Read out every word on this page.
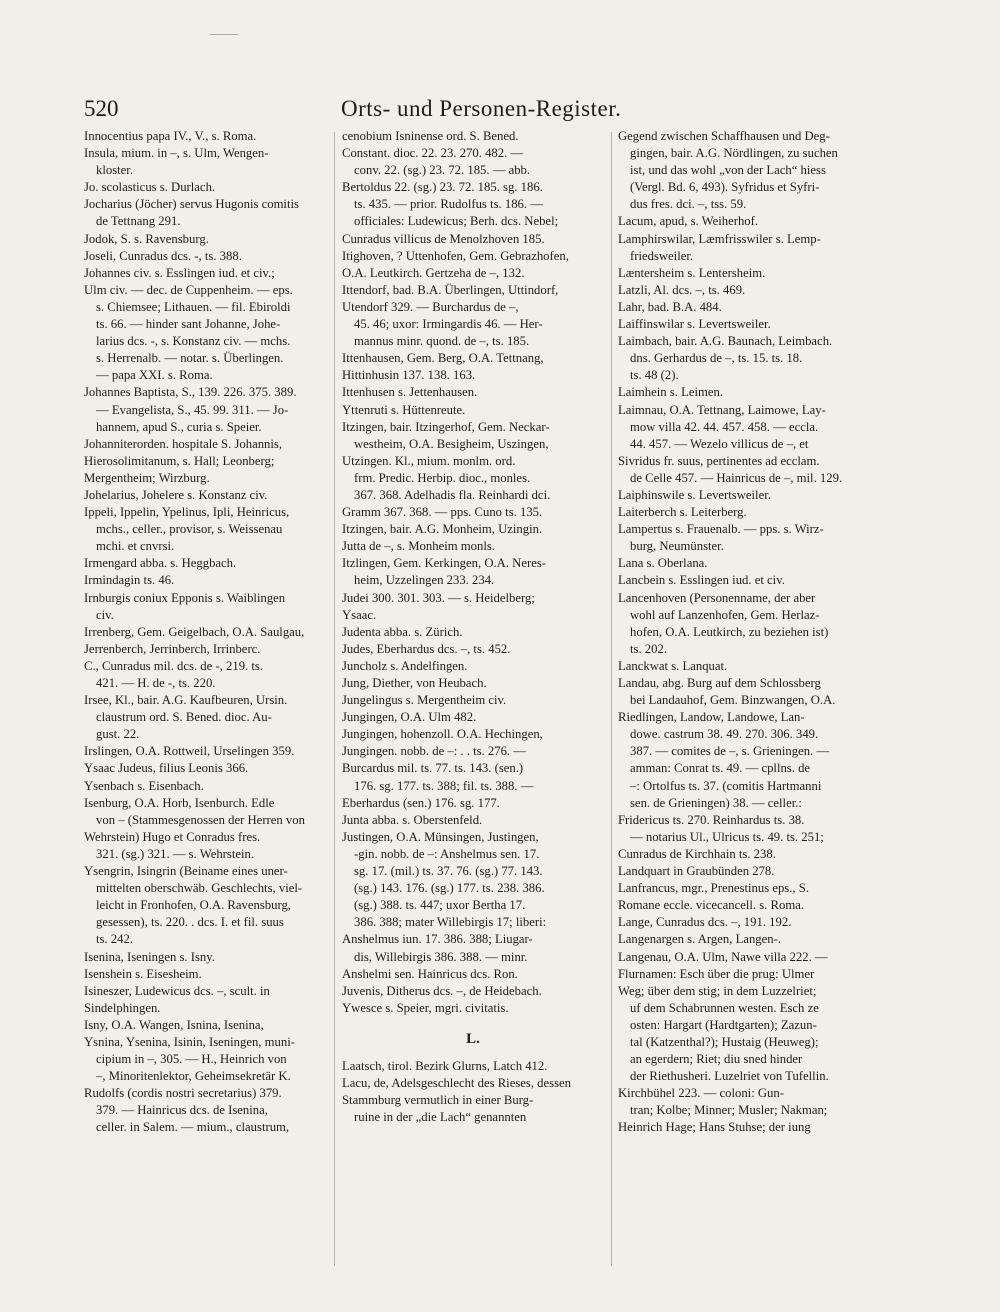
520	Orts- und Personen-Register.
Innocentius papa IV., V., s. Roma.
Insula, mium. in –, s. Ulm, Wengen-
kloster.
Jo. scolasticus s. Durlach.
Jocharius (Jöcher) servus Hugonis comitis
de Tettnang 291.
Jodok, S. s. Ravensburg.
Joseli, Cunradus dcs. -, ts. 388.
Johannes civ. s. Esslingen iud. et civ.;
Ulm civ. — dec. de Cuppenheim. — eps.
s. Chiemsee; Lithauen. — fil. Ebiroldi
ts. 66. — hinder sant Johanne, Johe-
larius dcs. -, s. Konstanz civ. — mchs.
s. Herrenalb. — notar. s. Überlingen.
— papa XXI. s. Roma.
Johannes Baptista, S., 139. 226. 375. 389.
— Evangelista, S., 45. 99. 311. — Jo-
hannem, apud S., curia s. Speier.
Johanniterorden. hospitale S. Johannis,
Hierosolimitanum, s. Hall; Leonberg;
Mergentheim; Wirzburg.
Johelarius, Johelere s. Konstanz civ.
Ippeli, Ippelin, Ypelinus, Ipli, Heinricus,
mchs., celler., provisor, s. Weissenau
mchi. et cnvrsi.
Irmengard abba. s. Heggbach.
Irmindagin ts. 46.
Irnburgis coniux Epponis s. Waiblingen
civ.
Irrenberg, Gem. Geigelbach, O.A. Saulgau,
Jerrenberch, Jerrinberch, Irrinberc.
C., Cunradus mil. dcs. de -, 219. ts.
421. — H. de -, ts. 220.
Irsee, Kl., bair. A.G. Kaufbeuren, Ursin.
claustrum ord. S. Bened. dioc. Au-
gust. 22.
Irslingen, O.A. Rottweil, Urselingen 359.
Ysaac Judeus, filius Leonis 366.
Ysenbach s. Eisenbach.
Isenburg, O.A. Horb, Isenburch. Edle
von – (Stammesgenossen der Herren von
Wehrstein) Hugo et Conradus fres.
321. (sg.) 321. — s. Wehrstein.
Ysengrin, Isingrin (Beiname eines uner-
mittelten oberschwäb. Geschlechts, viel-
leicht in Fronhofen, O.A. Ravensburg,
gesessen), ts. 220. . dcs. I. et fil. suus
ts. 242.
Isenina, Iseningen s. Isny.
Isenshein s. Eisesheim.
Isineszer, Ludewicus dcs. –, scult. in
Sindelphingen.
Isny, O.A. Wangen, Isnina, Isenina,
Ysnina, Ysenina, Isinin, Iseningen, muni-
cipium in –, 305. — H., Heinrich von
–, Minoritenlektor, Geheimsekretär K.
Rudolfs (cordis nostri secretarius) 379.
379. — Hainricus dcs. de Isenina,
celler. in Salem. — mium., claustrum,
cenobium Isninense ord. S. Bened.
Constant. dioc. 22. 23. 270. 482. —
conv. 22. (sg.) 23. 72. 185. — abb.
Bertoldus 22. (sg.) 23. 72. 185. sg. 186.
ts. 435. — prior. Rudolfus ts. 186. —
officiales: Ludewicus; Berh. dcs. Nebel;
Cunradus villicus de Menolzhoven 185.
Itighoven, ? Uttenhofen, Gem. Gebrazhofen,
O.A. Leutkirch. Gertzeha de –, 132.
Ittendorf, bad. B.A. Überlingen, Uttindorf,
Utendorf 329. — Burchardus de –,
45. 46; uxor: Irmingardis 46. — Her-
mannus minr. quond. de –, ts. 185.
Ittenhausen, Gem. Berg, O.A. Tettnang,
Hittinhusin 137. 138. 163.
Ittenhusen s. Jettenhausen.
Yttenruti s. Hüttenreute.
Itzingen, bair. Itzingerhof, Gem. Neckar-
westheim, O.A. Besigheim, Uszingen,
Utzingen. Kl., mium. monlm. ord.
frm. Predic. Herbip. dioc., monles.
367. 368. Adelhadis fla. Reinhardi dci.
Gramm 367. 368. — pps. Cuno ts. 135.
Itzingen, bair. A.G. Monheim, Uzingin.
Jutta de –, s. Monheim monls.
Itzlingen, Gem. Kerkingen, O.A. Neres-
heim, Uzzelingen 233. 234.
Judei 300. 301. 303. — s. Heidelberg;
Ysaac.
Judenta abba. s. Zürich.
Judes, Eberhardus dcs. –, ts. 452.
Juncholz s. Andelfingen.
Jung, Diether, von Heubach.
Jungelingus s. Mergentheim civ.
Jungingen, O.A. Ulm 482.
Jungingen, hohenzoll. O.A. Hechingen,
Jungingen. nobb. de –: . . ts. 276. —
Burcardus mil. ts. 77. ts. 143. (sen.)
176. sg. 177. ts. 388; fil. ts. 388. —
Eberhardus (sen.) 176. sg. 177.
Junta abba. s. Oberstenfeld.
Justingen, O.A. Münsingen, Justingen,
-gin. nobb. de –: Anshelmus sen. 17.
sg. 17. (mil.) ts. 37. 76. (sg.) 77. 143.
(sg.) 143. 176. (sg.) 177. ts. 238. 386.
(sg.) 388. ts. 447; uxor Bertha 17.
386. 388; mater Willebirgis 17; liberi:
Anshelmus iun. 17. 386. 388; Liugar-
dis, Willebirgis 386. 388. — minr.
Anshelmi sen. Hainricus dcs. Ron.
Juvenis, Ditherus dcs. –, de Heidebach.
Ywesce s. Speier, mgri. civitatis.
L.
Laatsch, tirol. Bezirk Glurns, Latch 412.
Lacu, de, Adelsgeschlecht des Rieses, dessen
Stammburg vermutlich in einer Burg-
ruine in der „die Lach“ genannten
Gegend zwischen Schaffhausen und Deg-
gingen, bair. A.G. Nördlingen, zu suchen
ist, und das wohl „von der Lach“ hiess
(Vergl. Bd. 6, 493). Syfridus et Syfri-
dus fres. dci. –, tss. 59.
Lacum, apud, s. Weiherhof.
Lamphirswilar, Læmfrisswiler s. Lemp-
friedsweiler.
Læntersheim s. Lentersheim.
Latzli, Al. dcs. –, ts. 469.
Lahr, bad. B.A. 484.
Laiffinswilar s. Levertsweiler.
Laimbach, bair. A.G. Baunach, Leimbach.
dns. Gerhardus de –, ts. 15. ts. 18.
ts. 48 (2).
Laimhein s. Leimen.
Laimnau, O.A. Tettnang, Laimowe, Lay-
mow villa 42. 44. 457. 458. — eccla.
44. 457. — Wezelo villicus de –, et
Sivridus fr. suus, pertinentes ad ecclam.
de Celle 457. — Hainricus de –, mil. 129.
Laiphinswile s. Levertsweiler.
Laiterberch s. Leiterberg.
Lampertus s. Frauenalb. — pps. s. Wirz-
burg, Neumünster.
Lana s. Oberlana.
Lancbein s. Esslingen iud. et civ.
Lancenhoven (Personenname, der aber
wohl auf Lanzenhofen, Gem. Herlaz-
hofen, O.A. Leutkirch, zu beziehen ist)
ts. 202.
Lanckwat s. Lanquat.
Landau, abg. Burg auf dem Schlossberg
bei Landauhof, Gem. Binzwangen, O.A.
Riedlingen, Landow, Landowe, Lan-
dowe. castrum 38. 49. 270. 306. 349.
387. — comites de –, s. Grieningen. —
amman: Conrat ts. 49. — cpllns. de
–: Ortolfus ts. 37. (comitis Hartmanni
sen. de Grieningen) 38. — celler.:
Fridericus ts. 270. Reinhardus ts. 38.
— notarius Ul., Ulricus ts. 49. ts. 251;
Cunradus de Kirchhain ts. 238.
Landquart in Graubünden 278.
Lanfrancus, mgr., Prenestinus eps., S.
Romane eccle. vicecancell. s. Roma.
Lange, Cunradus dcs. –, 191. 192.
Langenargen s. Argen, Langen-.
Langenau, O.A. Ulm, Nawe villa 222. —
Flurnamen: Esch über die prug: Ulmer
Weg; über dem stig; in dem Luzzelriet;
uf dem Schabrunnen westen. Esch ze
osten: Hargart (Hardtgarten); Zazun-
tal (Katzenthal?); Hustaig (Heuweg);
an egerdern; Riet; diu sned hinder
der Riethusheri. Luzelriet von Tufellin.
Kirchbühel 223. — coloni: Gun-
tran; Kolbe; Minner; Musler; Nakman;
Heinrich Hage; Hans Stuhse; der iung
